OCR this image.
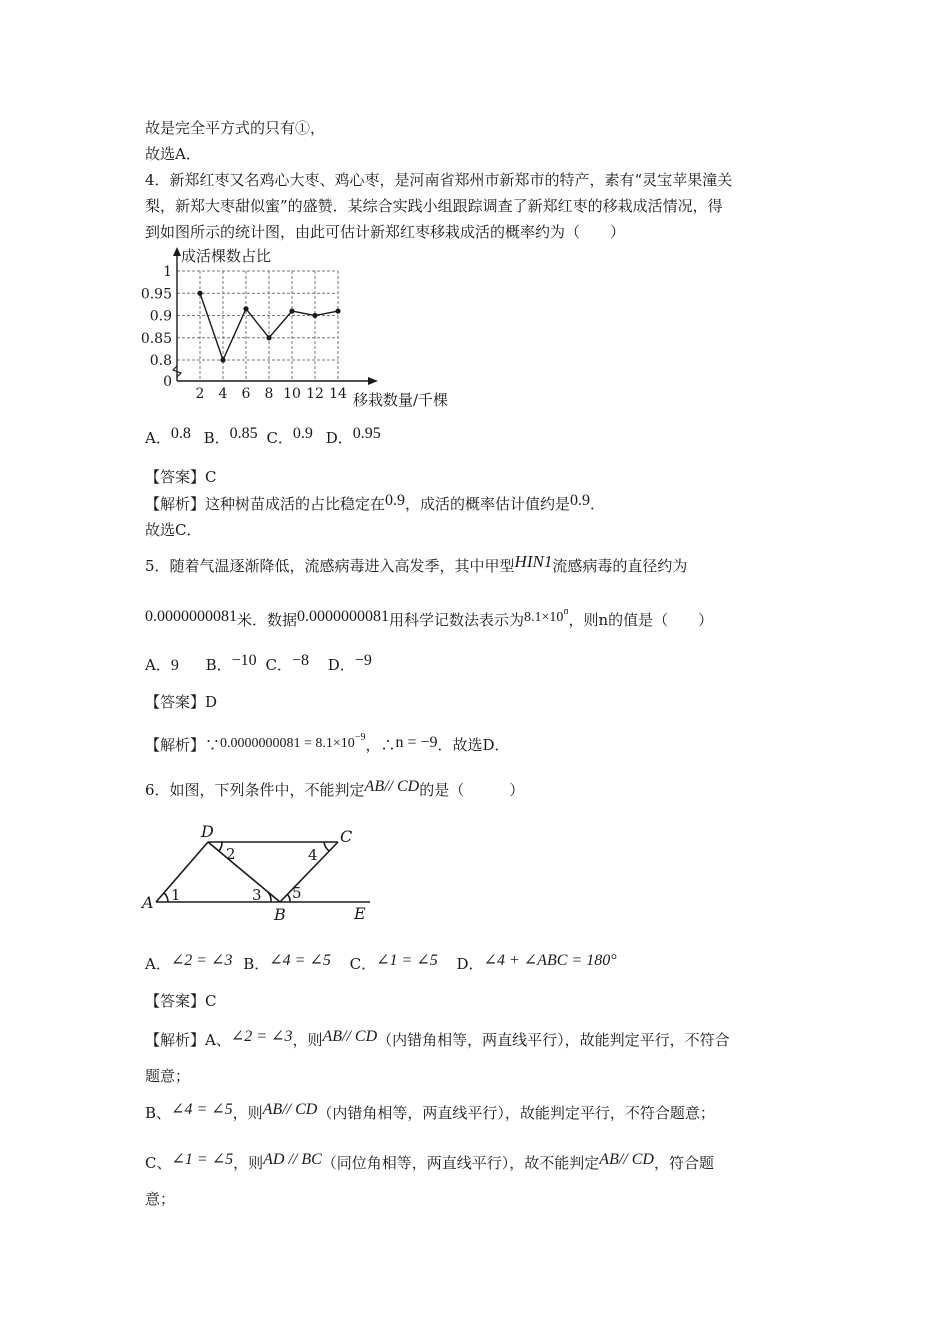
故是完全平方式的只有①，
故选A．
4．新郑红枣又名鸡心大枣、鸡心枣，是河南省郑州市新郑市的特产，素有“灵宝苹果潼关
梨，新郑大枣甜似蜜”的盛赞．某综合实践小组跟踪调查了新郑红枣的移栽成活情况，得
到如图所示的统计图，由此可估计新郑红枣移栽成活的概率约为（　　）
0.8
0.85
0.9
0.95
1
2 4 6 8 10 12 14
0
成活棵数占比
移栽数量/千棵
A．0.8 B．0.85 C．0.9 D．0.95
【答案】C
【解析】这种树苗成活的占比稳定在0.9，成活的概率估计值约是0.9．
故选C．
5．随着气温逐渐降低，流感病毒进入高发季，其中甲型HIN1流感病毒的直径约为
0.0000000081米．数据0.0000000081用科学记数法表示为$8.1\times 10^n$，则n的值是（　　）
A．9 B．−10 C．−8 D．−9
【答案】D
【解析】∵0.0000000081 = $8.1\times 10^{-9}$，∴n = −9．故选D．
6．如图，下列条件中，不能判定AB// CD的是（　　　）
D	C
A
B	E
1
2
3
4
5
A．∠2 = ∠3 B．∠4 = ∠5 C．∠1 = ∠5 D．∠4 + ∠ABC = 180°
【答案】C
【解析】A、∠2 = ∠3，则AB// CD（内错角相等，两直线平行），故能判定平行，不符合
题意；
B、∠4 = ∠5，则AB// CD（内错角相等，两直线平行），故能判定平行，不符合题意；
C、∠1 = ∠5，则AD // BC（同位角相等，两直线平行），故不能判定AB// CD，符合题
意；
